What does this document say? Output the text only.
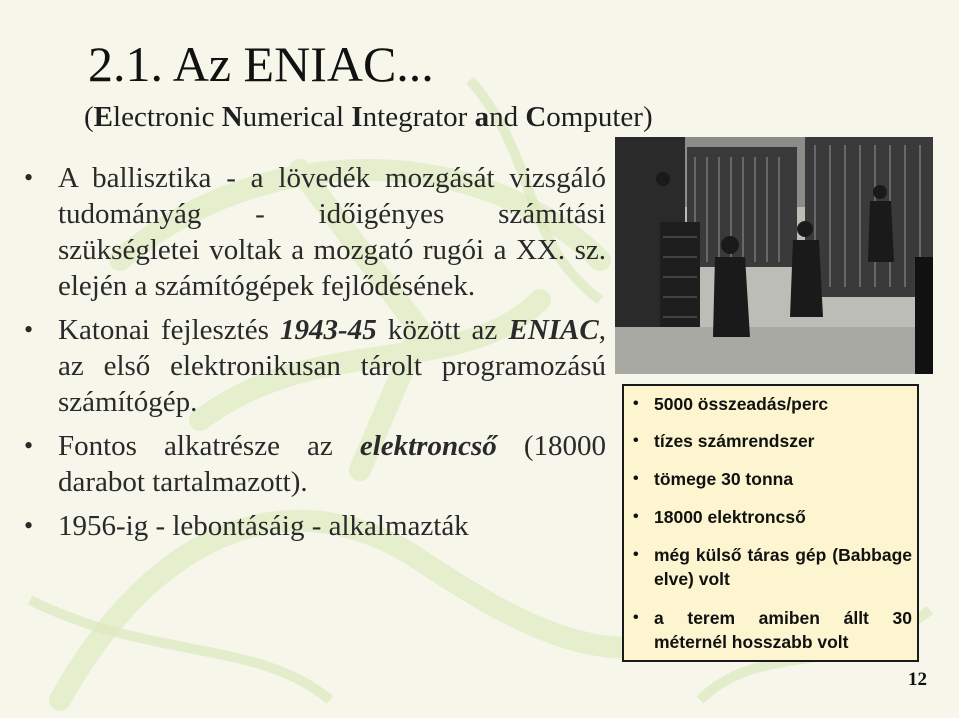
2.1. Az ENIAC...
(Electronic Numerical Integrator and Computer)
• A ballisztika - a lövedék mozgását vizsgáló tudományág - időigényes számítási szükségletei voltak a mozgató rugói a XX. sz. elején a számítógépek fejlődésének.
• Katonai fejlesztés 1943-45 között az ENIAC, az első elektronikusan tárolt programozású számítógép.
• Fontos alkatrésze az elektroncső (18000 darabot tartalmazott).
• 1956-ig - lebontásáig - alkalmazták
• 5000 összeadás/perc
• tízes számrendszer
• tömege 30 tonna
• 18000 elektroncső
• még külső táras gép (Babbage elve) volt
• a terem amiben állt 30 méternél hosszabb volt
12
